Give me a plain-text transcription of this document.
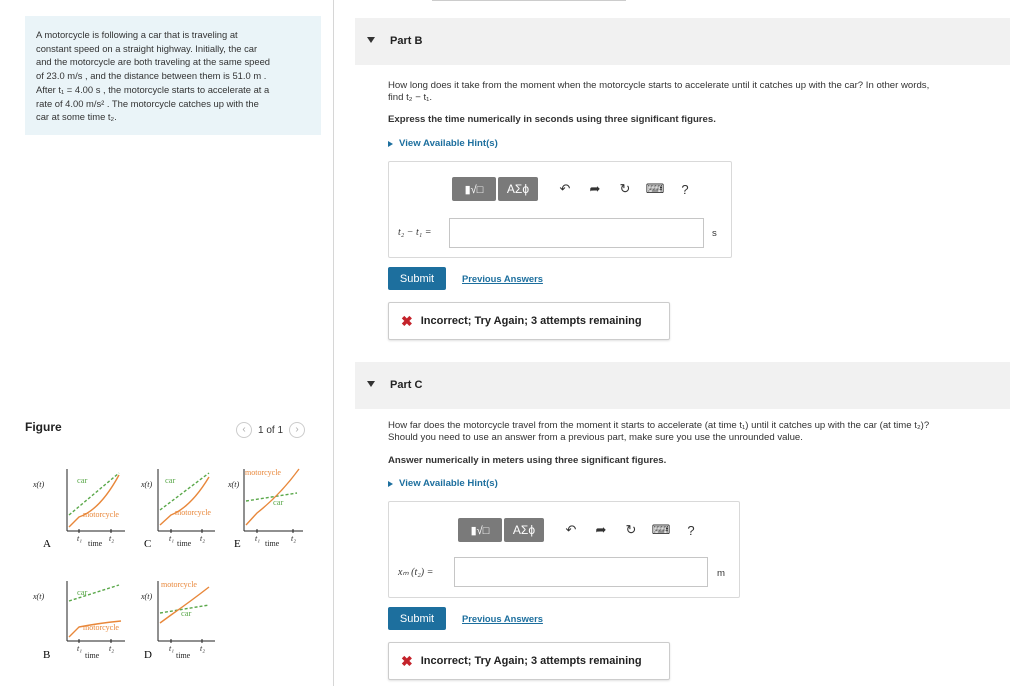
A motorcycle is following a car that is traveling at
constant speed on a straight highway. Initially, the car
and the motorcycle are both traveling at the same speed
of 23.0 m/s , and the distance between them is 51.0 m .
After t₁ = 4.00 s , the motorcycle starts to accelerate at a
rate of 4.00 m/s² . The motorcycle catches up with the
car at some time t₂.
Figure	‹	1 of 1	›
x(t)	car
motorcycle
t₁	t₂
time
A
x(t) car
motorcycle
t₁	t₂
time
C
x(t)
motorcycle
car
t₁	t₂
time
E
x(t)	car
motorcycle
t₁	t₂
time
B
x(t)
motorcycle
car
t₁	t₂
time
D
Part B
How long does it take from the moment when the motorcycle starts to accelerate until it catches up with the car? In other words,
find t₂ − t₁.
Express the time numerically in seconds using three significant figures.
View Available Hint(s)
▮√□ AΣϕ ↶ ➦ ↻ ⌨ ?
t₂ − t₁ =	s
Submit	Previous Answers
✖ Incorrect; Try Again; 3 attempts remaining
Part C
How far does the motorcycle travel from the moment it starts to accelerate (at time t₁) until it catches up with the car (at time t₂)?
Should you need to use an answer from a previous part, make sure you use the unrounded value.
Answer numerically in meters using three significant figures.
View Available Hint(s)
▮√□ AΣϕ ↶ ➦ ↻ ⌨ ?
xₘ (t₂) =	m
Submit	Previous Answers
✖ Incorrect; Try Again; 3 attempts remaining
